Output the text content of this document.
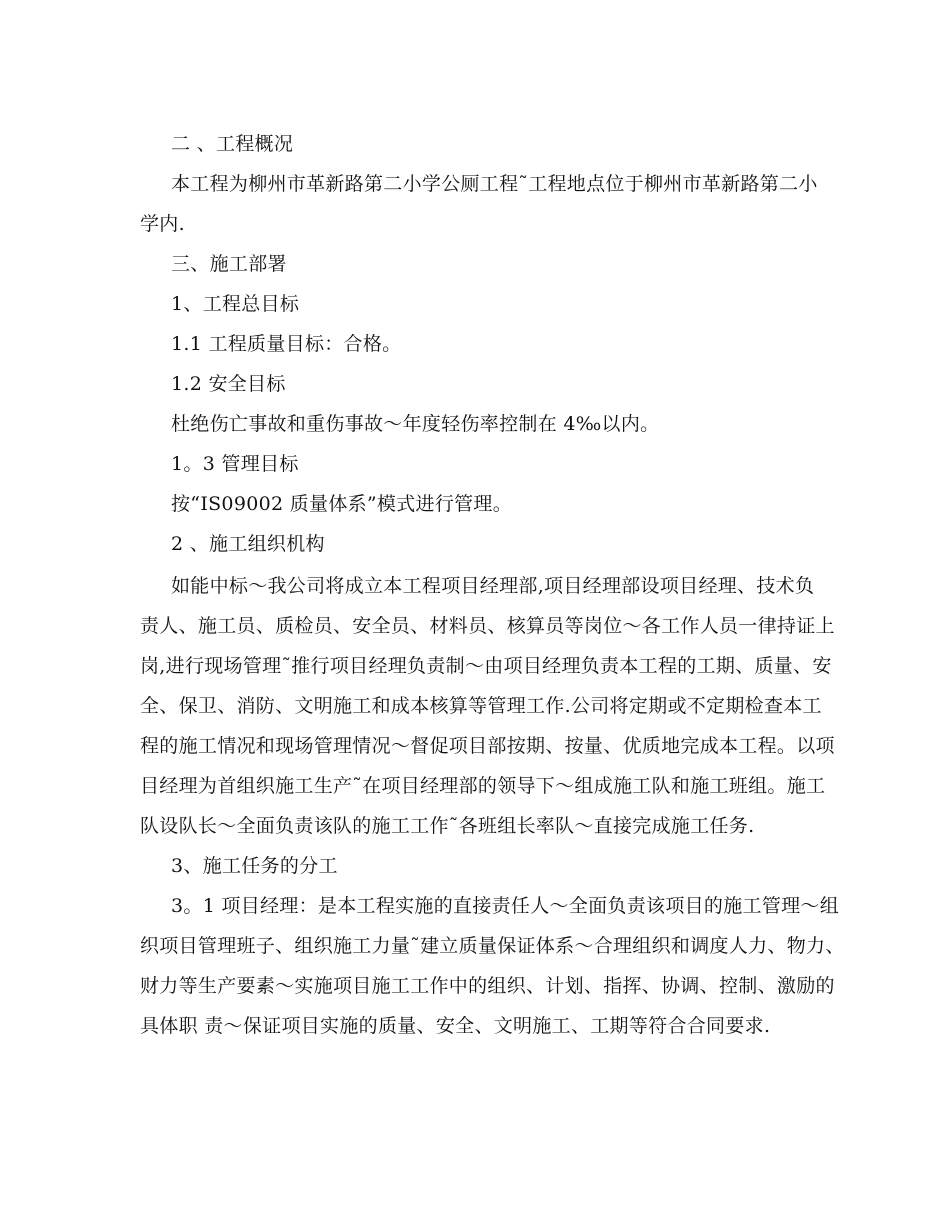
二 、工程概况
本工程为柳州市革新路第二小学公厕工程˜工程地点位于柳州市革新路第二小
学内.
三、施工部署
1、工程总目标
1.1 工程质量目标：合格。
1.2 安全目标
杜绝伤亡事故和重伤事故～年度轻伤率控制在 4‰以内。
1。3 管理目标
按“IS09002 质量体系”模式进行管理。
2 、施工组织机构
如能中标～我公司将成立本工程项目经理部,项目经理部设项目经理、技术负
责人、施工员、质检员、安全员、材料员、核算员等岗位～各工作人员一律持证上
岗,进行现场管理˜推行项目经理负责制～由项目经理负责本工程的工期、质量、安
全、保卫、消防、文明施工和成本核算等管理工作.公司将定期或不定期检查本工
程的施工情况和现场管理情况～督促项目部按期、按量、优质地完成本工程。以项
目经理为首组织施工生产˜在项目经理部的领导下～组成施工队和施工班组。施工
队设队长～全面负责该队的施工工作˜各班组长率队～直接完成施工任务.
3、施工任务的分工
3。1 项目经理：是本工程实施的直接责任人～全面负责该项目的施工管理～组
织项目管理班子、组织施工力量˜建立质量保证体系～合理组织和调度人力、物力、
财力等生产要素～实施项目施工工作中的组织、计划、指挥、协调、控制、激励的
具体职 责～保证项目实施的质量、安全、文明施工、工期等符合合同要求.
